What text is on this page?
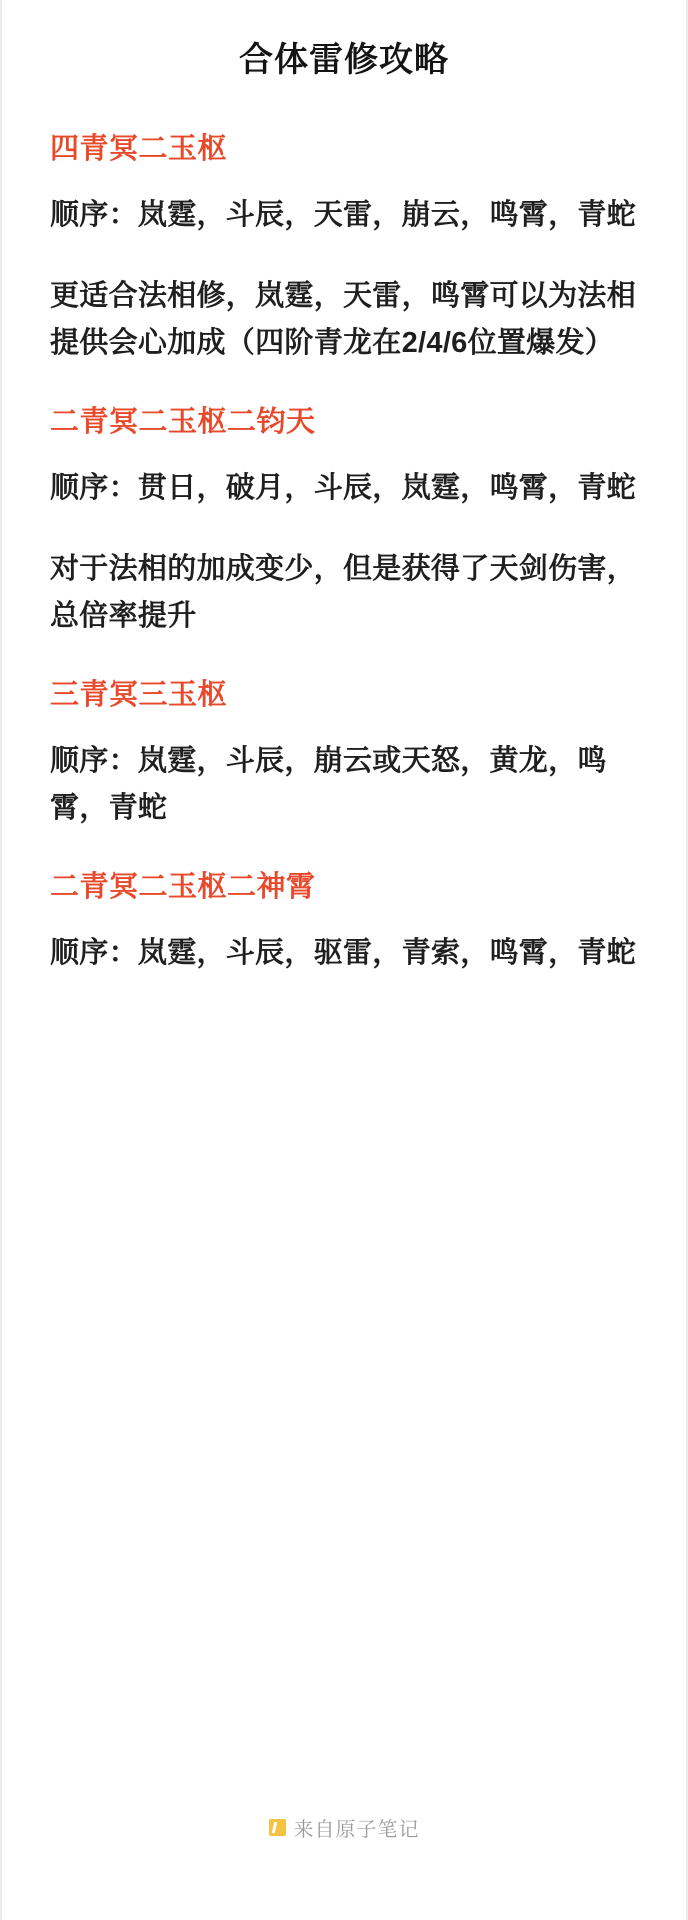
合体雷修攻略
四青冥二玉枢

顺序：岚霆，斗辰，天雷，崩云，鸣霄，青蛇

更适合法相修，岚霆，天雷，鸣霄可以为法相提供会心加成（四阶青龙在2/4/6位置爆发）

二青冥二玉枢二钧天

顺序：贯日，破月，斗辰，岚霆，鸣霄，青蛇

对于法相的加成变少，但是获得了天剑伤害，总倍率提升

三青冥三玉枢

顺序：岚霆，斗辰，崩云或天怒，黄龙，鸣霄，青蛇

二青冥二玉枢二神霄

顺序：岚霆，斗辰，驱雷，青索，鸣霄，青蛇

来自原子笔记
